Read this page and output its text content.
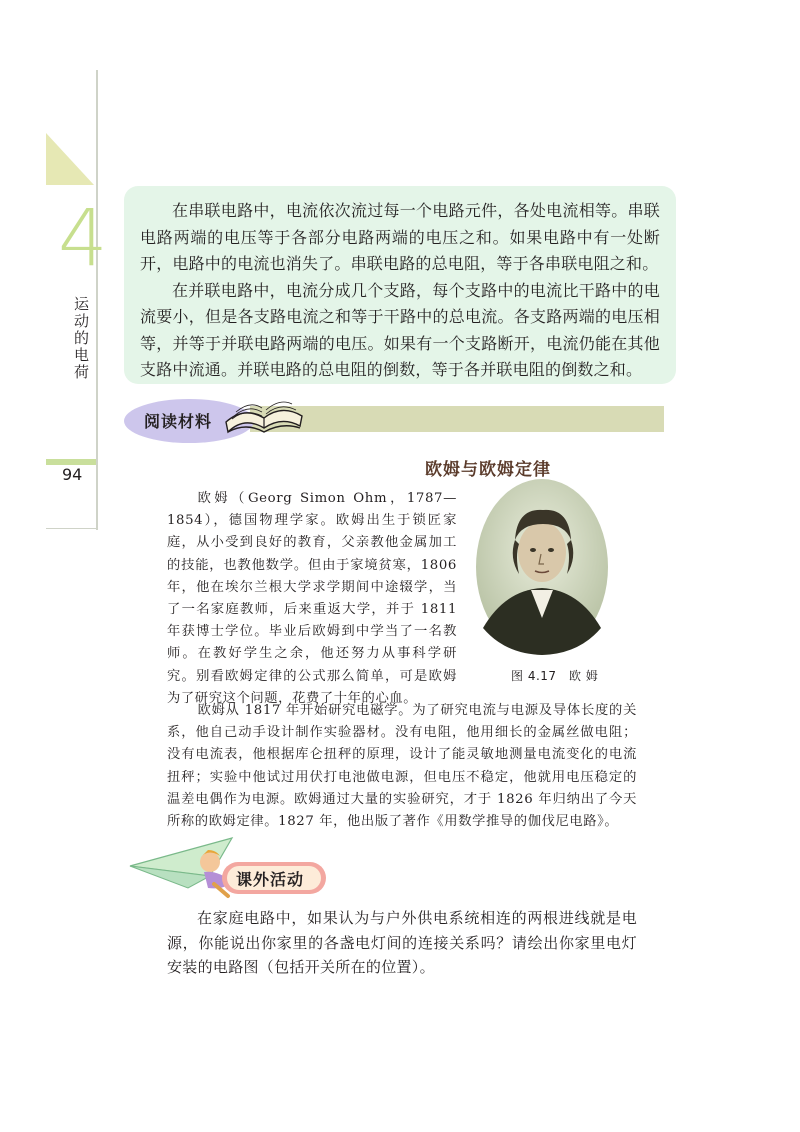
4
运动的电荷
94

在串联电路中，电流依次流过每一个电路元件，各处电流相等。串联电路两端的电压等于各部分电路两端的电压之和。如果电路中有一处断开，电路中的电流也消失了。串联电路的总电阻，等于各串联电阻之和。

在并联电路中，电流分成几个支路，每个支路中的电流比干路中的电流要小，但是各支路电流之和等于干路中的总电流。各支路两端的电压相等，并等于并联电路两端的电压。如果有一个支路断开，电流仍能在其他支路中流通。并联电路的总电阻的倒数，等于各并联电阻的倒数之和。

阅读材料
欧姆与欧姆定律

欧姆（Georg Simon Ohm，1787—1854），德国物理学家。欧姆出生于锁匠家庭，从小受到良好的教育，父亲教他金属加工的技能，也教他数学。但由于家境贫寒，1806 年，他在埃尔兰根大学求学期间中途辍学，当了一名家庭教师，后来重返大学，并于 1811 年获博士学位。毕业后欧姆到中学当了一名教师。在教好学生之余，他还努力从事科学研究。别看欧姆定律的公式那么简单，可是欧姆为了研究这个问题，花费了十年的心血。

欧姆从 1817 年开始研究电磁学。为了研究电流与电源及导体长度的关系，他自己动手设计制作实验器材。没有电阻，他用细长的金属丝做电阻；没有电流表，他根据库仑扭秤的原理，设计了能灵敏地测量电流变化的电流扭秤；实验中他试过用伏打电池做电源，但电压不稳定，他就用电压稳定的温差电偶作为电源。欧姆通过大量的实验研究，才于 1826 年归纳出了今天所称的欧姆定律。1827 年，他出版了著作《用数学推导的伽伐尼电路》。

图 4.17　欧 姆
课外活动

在家庭电路中，如果认为与户外供电系统相连的两根进线就是电源，你能说出你家里的各盏电灯间的连接关系吗？请绘出你家里电灯安装的电路图（包括开关所在的位置）。
